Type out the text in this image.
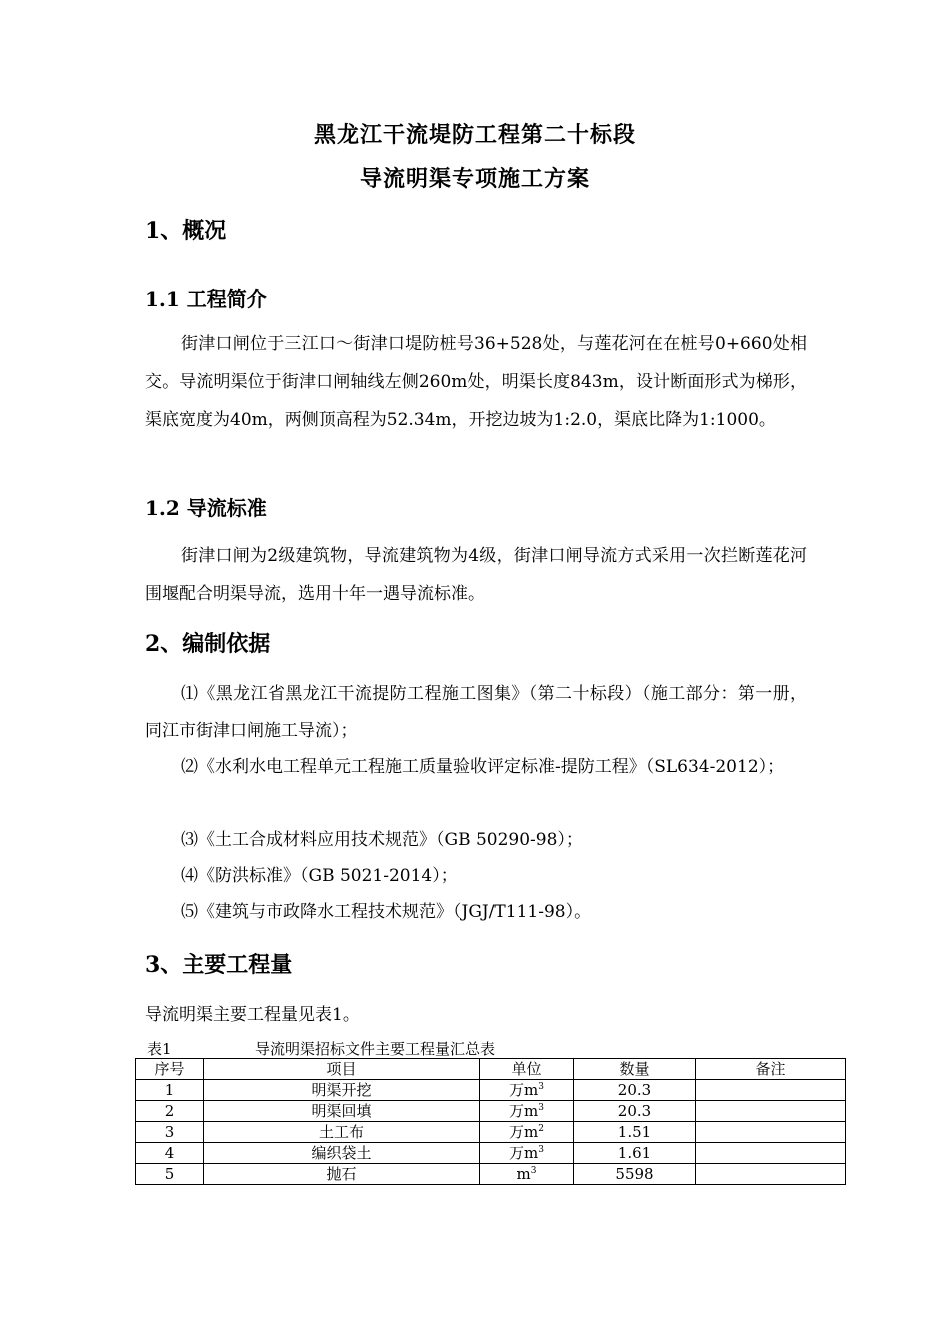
黑龙江干流堤防工程第二十标段
导流明渠专项施工方案
1、概况
1.1 工程简介
街津口闸位于三江口～街津口堤防桩号36+528处，与莲花河在在桩号0+660处相交。导流明渠位于街津口闸轴线左侧260m处，明渠长度843m，设计断面形式为梯形，渠底宽度为40m，两侧顶高程为52.34m，开挖边坡为1:2.0，渠底比降为1:1000。
1.2 导流标准
街津口闸为2级建筑物，导流建筑物为4级，街津口闸导流方式采用一次拦断莲花河围堰配合明渠导流，选用十年一遇导流标准。
2、编制依据
⑴《黑龙江省黑龙江干流提防工程施工图集》（第二十标段）（施工部分：第一册，同江市街津口闸施工导流）；
⑵《水利水电工程单元工程施工质量验收评定标准-提防工程》（SL634-2012）；
⑶《土工合成材料应用技术规范》（GB 50290-98）；
⑷《防洪标准》（GB 5021-2014）；
⑸《建筑与市政降水工程技术规范》（JGJ/T111-98）。
3、主要工程量
导流明渠主要工程量见表1。
表1	导流明渠招标文件主要工程量汇总表
序号	项目	单位	数量	备注
1	明渠开挖	万$m^3$	20.3	
2	明渠回填	万$m^3$	20.3	
3	土工布	万$m^2$	1.51	
4	编织袋土	万$m^3$	1.61	
5	抛石	$m^3$	5598	
